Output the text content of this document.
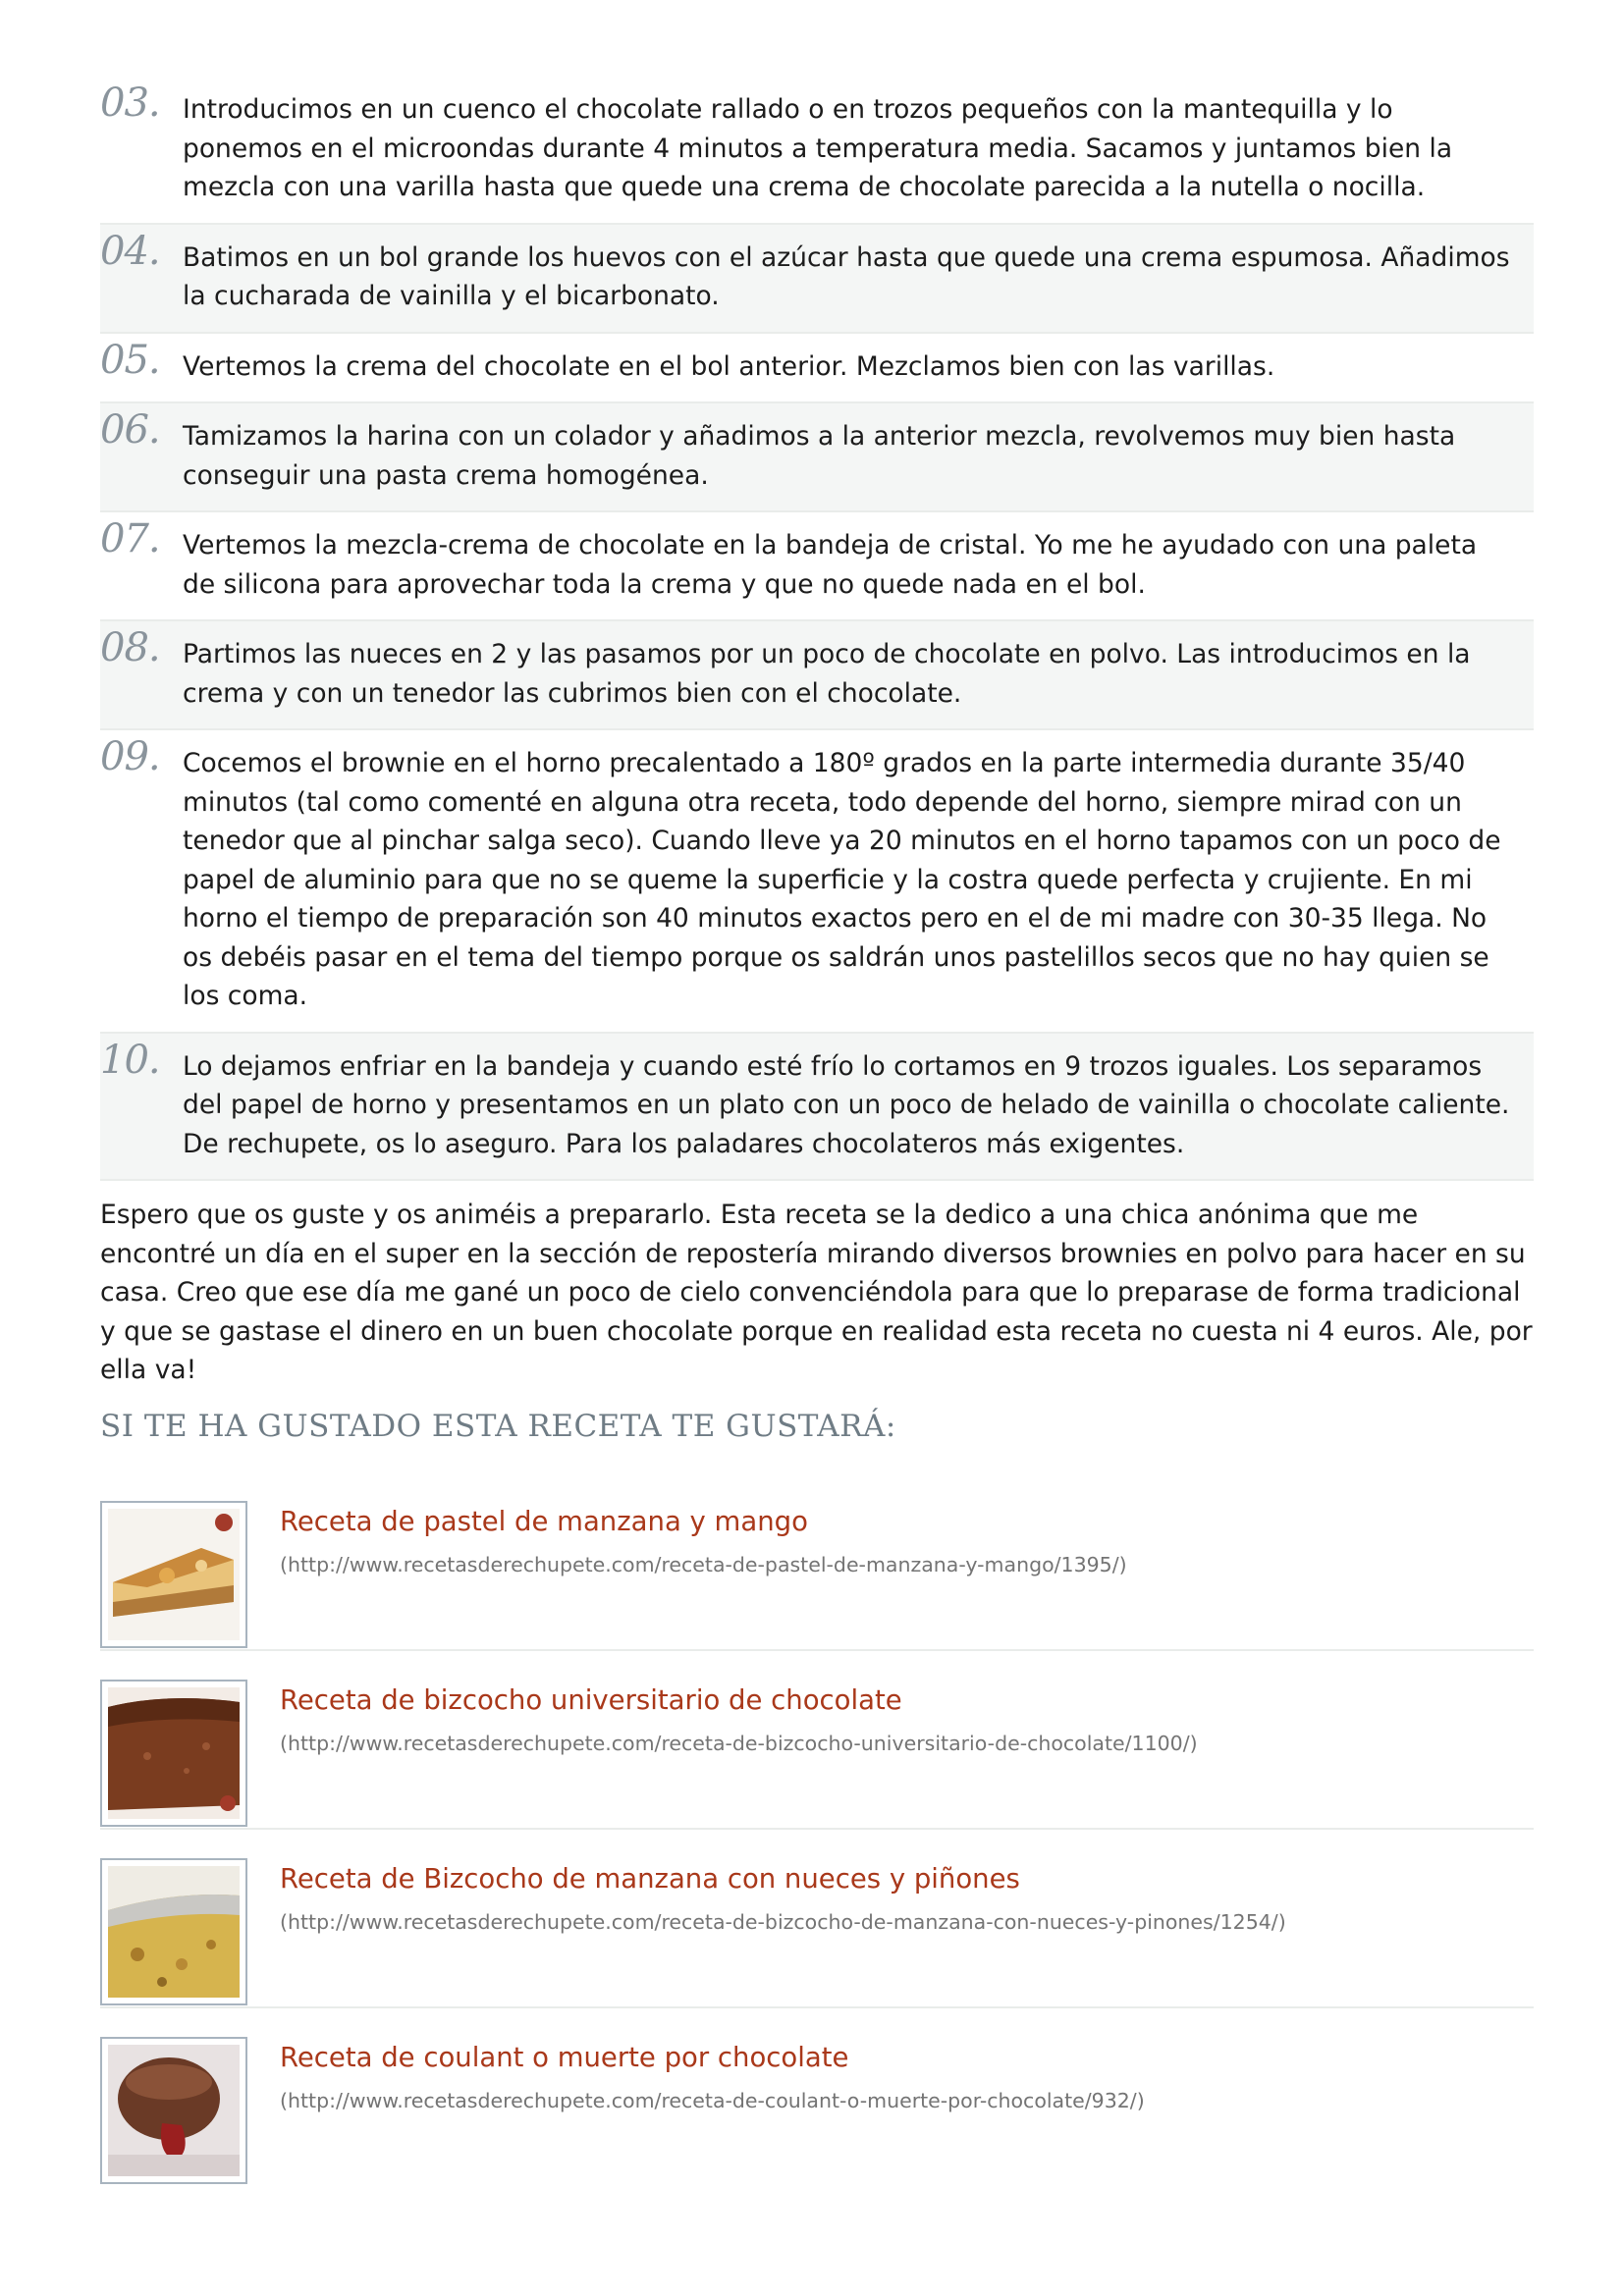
03. Introducimos en un cuenco el chocolate rallado o en trozos pequeños con la mantequilla y lo ponemos en el microondas durante 4 minutos a temperatura media. Sacamos y juntamos bien la mezcla con una varilla hasta que quede una crema de chocolate parecida a la nutella o nocilla.

04. Batimos en un bol grande los huevos con el azúcar hasta que quede una crema espumosa. Añadimos la cucharada de vainilla y el bicarbonato.

05. Vertemos la crema del chocolate en el bol anterior. Mezclamos bien con las varillas.

06. Tamizamos la harina con un colador y añadimos a la anterior mezcla, revolvemos muy bien hasta conseguir una pasta crema homogénea.

07. Vertemos la mezcla-crema de chocolate en la bandeja de cristal. Yo me he ayudado con una paleta de silicona para aprovechar toda la crema y que no quede nada en el bol.

08. Partimos las nueces en 2 y las pasamos por un poco de chocolate en polvo. Las introducimos en la crema y con un tenedor las cubrimos bien con el chocolate.

09. Cocemos el brownie en el horno precalentado a 180º grados en la parte intermedia durante 35/40 minutos (tal como comenté en alguna otra receta, todo depende del horno, siempre mirad con un tenedor que al pinchar salga seco). Cuando lleve ya 20 minutos en el horno tapamos con un poco de papel de aluminio para que no se queme la superficie y la costra quede perfecta y crujiente. En mi horno el tiempo de preparación son 40 minutos exactos pero en el de mi madre con 30-35 llega. No os debéis pasar en el tema del tiempo porque os saldrán unos pastelillos secos que no hay quien se los coma.

10. Lo dejamos enfriar en la bandeja y cuando esté frío lo cortamos en 9 trozos iguales. Los separamos del papel de horno y presentamos en un plato con un poco de helado de vainilla o chocolate caliente. De rechupete, os lo aseguro. Para los paladares chocolateros más exigentes.

Espero que os guste y os animéis a prepararlo. Esta receta se la dedico a una chica anónima que me encontré un día en el super en la sección de repostería mirando diversos brownies en polvo para hacer en su casa. Creo que ese día me gané un poco de cielo convenciéndola para que lo preparase de forma tradicional y que se gastase el dinero en un buen chocolate porque en realidad esta receta no cuesta ni 4 euros. Ale, por ella va!

SI TE HA GUSTADO ESTA RECETA TE GUSTARÁ:
Receta de pastel de manzana y mango
(http://www.recetasderechupete.com/receta-de-pastel-de-manzana-y-mango/1395/)
Receta de bizcocho universitario de chocolate
(http://www.recetasderechupete.com/receta-de-bizcocho-universitario-de-chocolate/1100/)
Receta de Bizcocho de manzana con nueces y piñones
(http://www.recetasderechupete.com/receta-de-bizcocho-de-manzana-con-nueces-y-pinones/1254/)
Receta de coulant o muerte por chocolate
(http://www.recetasderechupete.com/receta-de-coulant-o-muerte-por-chocolate/932/)
